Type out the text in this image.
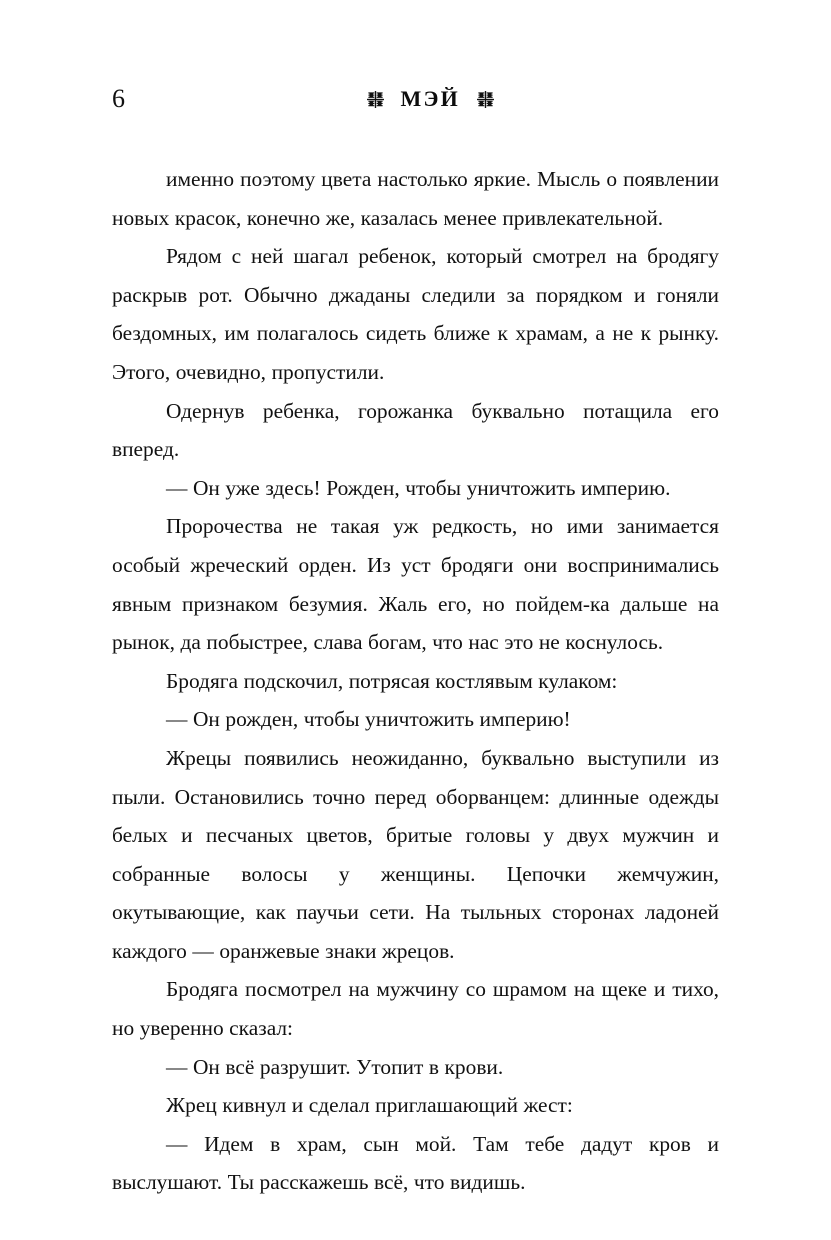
6	МЭЙ

именно поэтому цвета настолько яркие. Мысль о появлении новых красок, конечно же, казалась менее привлекательной.

Рядом с ней шагал ребенок, который смотрел на бродягу раскрыв рот. Обычно джаданы следили за порядком и гоняли бездомных, им полагалось сидеть ближе к храмам, а не к рынку. Этого, очевидно, пропустили.

Одернув ребенка, горожанка буквально потащила его вперед.

— Он уже здесь! Рожден, чтобы уничтожить империю.

Пророчества не такая уж редкость, но ими занимается особый жреческий орден. Из уст бродяги они воспринимались явным признаком безумия. Жаль его, но пойдем-ка дальше на рынок, да побыстрее, слава богам, что нас это не коснулось.

Бродяга подскочил, потрясая костлявым кулаком:

— Он рожден, чтобы уничтожить империю!

Жрецы появились неожиданно, буквально выступили из пыли. Остановились точно перед оборванцем: длинные одежды белых и песчаных цветов, бритые головы у двух мужчин и собранные волосы у женщины. Цепочки жемчужин, окутывающие, как паучьи сети. На тыльных сторонах ладоней каждого — оранжевые знаки жрецов.

Бродяга посмотрел на мужчину со шрамом на щеке и тихо, но уверенно сказал:

— Он всё разрушит. Утопит в крови.

Жрец кивнул и сделал приглашающий жест:

— Идем в храм, сын мой. Там тебе дадут кров и выслушают. Ты расскажешь всё, что видишь.
